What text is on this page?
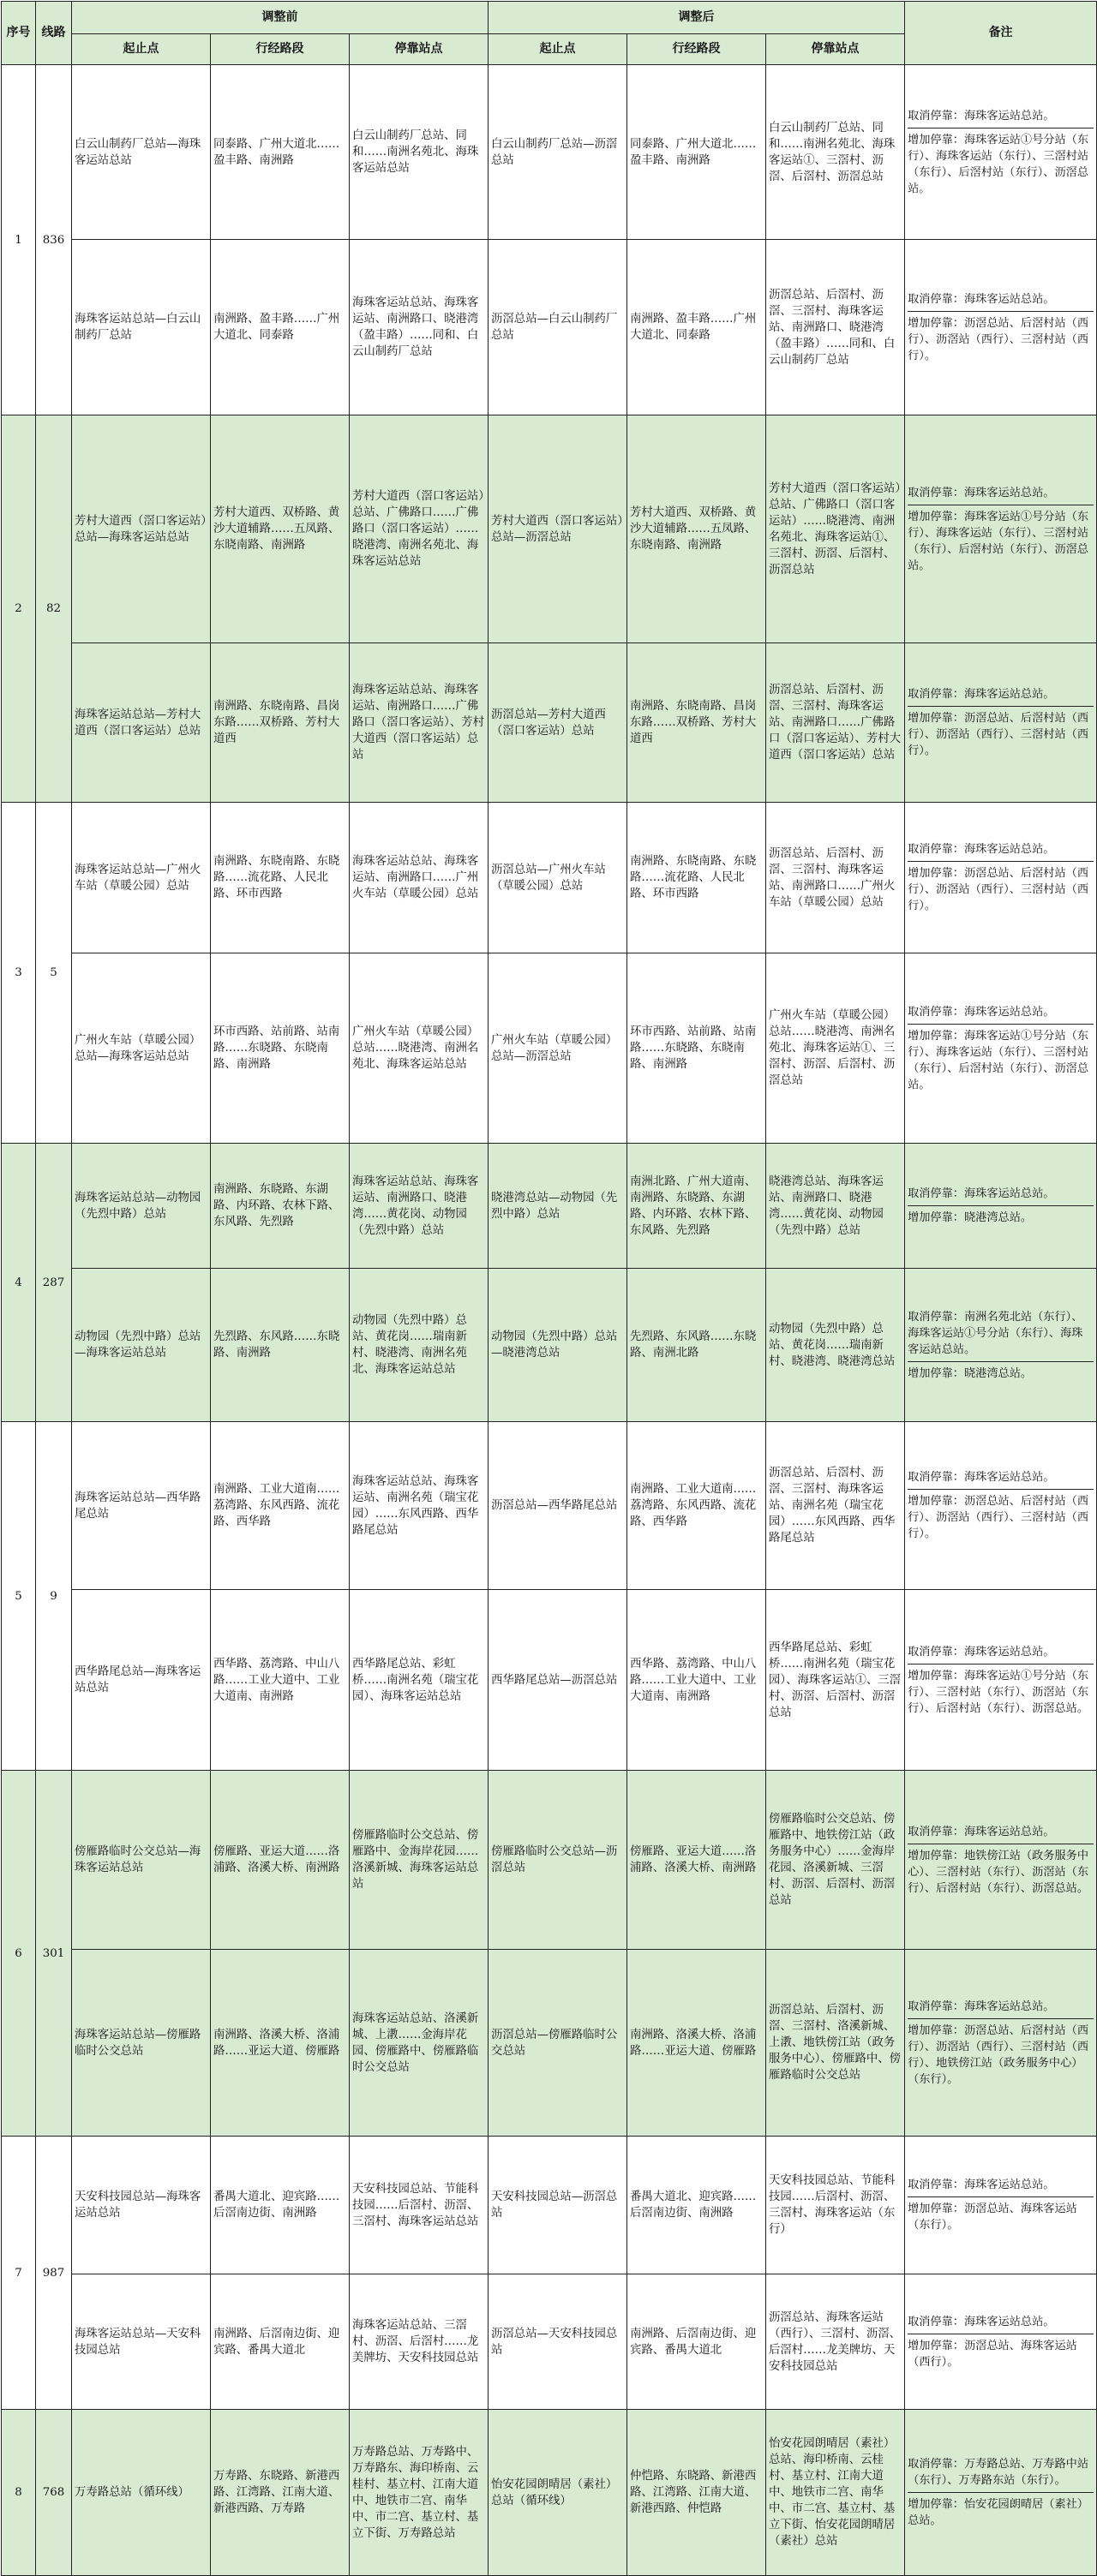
序号	线路	调整前			调整后			备注
		起止点	行经路段	停靠站点	起止点	行经路段	停靠站点	
1	836	白云山制药厂总站—海珠客运站总站	同泰路、广州大道北……盈丰路、南洲路	白云山制药厂总站、同和……南洲名苑北、海珠客运站总站	白云山制药厂总站—沥滘总站	同泰路、广州大道北……盈丰路、南洲路	白云山制药厂总站、同和……南洲名苑北、海珠客运站①、三滘村、沥滘、后滘村、沥滘总站	取消停靠：海珠客运站总站。
增加停靠：海珠客运站①号分站（东行）、海珠客运站（东行）、三滘村站（东行）、后滘村站（东行）、沥滘总站。

		海珠客运站总站—白云山制药厂总站	南洲路、盈丰路……广州大道北、同泰路	海珠客运站总站、海珠客运站、南洲路口、晓港湾（盈丰路）……同和、白云山制药厂总站	沥滘总站—白云山制药厂总站	南洲路、盈丰路……广州大道北、同泰路	沥滘总站、后滘村、沥滘、三滘村、海珠客运站、南洲路口、晓港湾（盈丰路）……同和、白云山制药厂总站	取消停靠：海珠客运站总站。
增加停靠：沥滘总站、后滘村站（西行）、沥滘站（西行）、三滘村站（西行）。

2	82	芳村大道西（滘口客运站）总站—海珠客运站总站	芳村大道西、双桥路、黄沙大道辅路……五凤路、东晓南路、南洲路	芳村大道西（滘口客运站）总站、广佛路口……广佛路口（滘口客运站）……晓港湾、南洲名苑北、海珠客运站总站	芳村大道西（滘口客运站）总站—沥滘总站	芳村大道西、双桥路、黄沙大道辅路……五凤路、东晓南路、南洲路	芳村大道西（滘口客运站）总站、广佛路口（滘口客运站）……晓港湾、南洲名苑北、海珠客运站①、三滘村、沥滘、后滘村、沥滘总站	取消停靠：海珠客运站总站。
增加停靠：海珠客运站①号分站（东行）、海珠客运站（东行）、三滘村站（东行）、后滘村站（东行）、沥滘总站。

		海珠客运站总站—芳村大道西（滘口客运站）总站	南洲路、东晓南路、昌岗东路……双桥路、芳村大道西	海珠客运站总站、海珠客运站、南洲路口……广佛路口（滘口客运站）、芳村大道西（滘口客运站）总站	沥滘总站—芳村大道西（滘口客运站）总站	南洲路、东晓南路、昌岗东路……双桥路、芳村大道西	沥滘总站、后滘村、沥滘、三滘村、海珠客运站、南洲路口……广佛路口（滘口客运站）、芳村大道西（滘口客运站）总站	取消停靠：海珠客运站总站。
增加停靠：沥滘总站、后滘村站（西行）、沥滘站（西行）、三滘村站（西行）。

3	5	海珠客运站总站—广州火车站（草暖公园）总站	南洲路、东晓南路、东晓路……流花路、人民北路、环市西路	海珠客运站总站、海珠客运站、南洲路口……广州火车站（草暖公园）总站	沥滘总站—广州火车站（草暖公园）总站	南洲路、东晓南路、东晓路……流花路、人民北路、环市西路	沥滘总站、后滘村、沥滘、三滘村、海珠客运站、南洲路口……广州火车站（草暖公园）总站	取消停靠：海珠客运站总站。
增加停靠：沥滘总站、后滘村站（西行）、沥滘站（西行）、三滘村站（西行）。

		广州火车站（草暖公园）总站—海珠客运站总站	环市西路、站前路、站南路……东晓路、东晓南路、南洲路	广州火车站（草暖公园）总站……晓港湾、南洲名苑北、海珠客运站总站	广州火车站（草暖公园）总站—沥滘总站	环市西路、站前路、站南路……东晓路、东晓南路、南洲路	广州火车站（草暖公园）总站……晓港湾、南洲名苑北、海珠客运站①、三滘村、沥滘、后滘村、沥滘总站	取消停靠：海珠客运站总站。
增加停靠：海珠客运站①号分站（东行）、海珠客运站（东行）、三滘村站（东行）、后滘村站（东行）、沥滘总站。

4	287	海珠客运站总站—动物园（先烈中路）总站	南洲路、东晓路、东湖路、内环路、农林下路、东风路、先烈路	海珠客运站总站、海珠客运站、南洲路口、晓港湾……黄花岗、动物园（先烈中路）总站	晓港湾总站—动物园（先烈中路）总站	南洲北路、广州大道南、南洲路、东晓路、东湖路、内环路、农林下路、东风路、先烈路	晓港湾总站、海珠客运站、南洲路口、晓港湾……黄花岗、动物园（先烈中路）总站	取消停靠：海珠客运站总站。
增加停靠：晓港湾总站。

		动物园（先烈中路）总站—海珠客运站总站	先烈路、东风路……东晓路、南洲路	动物园（先烈中路）总站、黄花岗……瑞南新村、晓港湾、南洲名苑北、海珠客运站总站	动物园（先烈中路）总站—晓港湾总站	先烈路、东风路……东晓路、南洲北路	动物园（先烈中路）总站、黄花岗……瑞南新村、晓港湾、晓港湾总站	取消停靠：南洲名苑北站（东行）、海珠客运站①号分站（东行）、海珠客运站总站。
增加停靠：晓港湾总站。

5	9	海珠客运站总站—西华路尾总站	南洲路、工业大道南……荔湾路、东风西路、流花路、西华路	海珠客运站总站、海珠客运站、南洲名苑（瑞宝花园）……东风西路、西华路尾总站	沥滘总站—西华路尾总站	南洲路、工业大道南……荔湾路、东风西路、流花路、西华路	沥滘总站、后滘村、沥滘、三滘村、海珠客运站、南洲名苑（瑞宝花园）……东风西路、西华路尾总站	取消停靠：海珠客运站总站。
增加停靠：沥滘总站、后滘村站（西行）、沥滘站（西行）、三滘村站（西行）。

		西华路尾总站—海珠客运站总站	西华路、荔湾路、中山八路……工业大道中、工业大道南、南洲路	西华路尾总站、彩虹桥……南洲名苑（瑞宝花园）、海珠客运站总站	西华路尾总站—沥滘总站	西华路、荔湾路、中山八路……工业大道中、工业大道南、南洲路	西华路尾总站、彩虹桥……南洲名苑（瑞宝花园）、海珠客运站①、三滘村、沥滘、后滘村、沥滘总站	取消停靠：海珠客运站总站。
增加停靠：海珠客运站①号分站（东行）、三滘村站（东行）、沥滘站（东行）、后滘村站（东行）、沥滘总站。

6	301	傍雁路临时公交总站—海珠客运站总站	傍雁路、亚运大道……洛浦路、洛溪大桥、南洲路	傍雁路临时公交总站、傍雁路中、金海岸花园……洛溪新城、海珠客运站总站	傍雁路临时公交总站—沥滘总站	傍雁路、亚运大道……洛浦路、洛溪大桥、南洲路	傍雁路临时公交总站、傍雁路中、地铁傍江站（政务服务中心）……金海岸花园、洛溪新城、三滘村、沥滘、后滘村、沥滘总站	取消停靠：海珠客运站总站。
增加停靠：地铁傍江站（政务服务中心）、三滘村站（东行）、沥滘站（东行）、后滘村站（东行）、沥滘总站。

		海珠客运站总站—傍雁路临时公交总站	南洲路、洛溪大桥、洛浦路……亚运大道、傍雁路	海珠客运站总站、洛溪新城、上漖……金海岸花园、傍雁路中、傍雁路临时公交总站	沥滘总站—傍雁路临时公交总站	南洲路、洛溪大桥、洛浦路……亚运大道、傍雁路	沥滘总站、后滘村、沥滘、三滘村、洛溪新城、上漖、地铁傍江站（政务服务中心）、傍雁路中、傍雁路临时公交总站	取消停靠：海珠客运站总站。
增加停靠：沥滘总站、后滘村站（西行）、沥滘站（西行）、三滘村站（西行）、地铁傍江站（政务服务中心）（东行）。

7	987	天安科技园总站—海珠客运站总站	番禺大道北、迎宾路……后滘南边街、南洲路	天安科技园总站、节能科技园……后滘村、沥滘、三滘村、海珠客运站总站	天安科技园总站—沥滘总站	番禺大道北、迎宾路……后滘南边街、南洲路	天安科技园总站、节能科技园……后滘村、沥滘、三滘村、海珠客运站（东行）	取消停靠：海珠客运站总站。
增加停靠：沥滘总站、海珠客运站（东行）。

		海珠客运站总站—天安科技园总站	南洲路、后滘南边街、迎宾路、番禺大道北	海珠客运站总站、三滘村、沥滘、后滘村……龙美牌坊、天安科技园总站	沥滘总站—天安科技园总站	南洲路、后滘南边街、迎宾路、番禺大道北	沥滘总站、海珠客运站（西行）、三滘村、沥滘、后滘村……龙美牌坊、天安科技园总站	取消停靠：海珠客运站总站。
增加停靠：沥滘总站、海珠客运站（西行）。

8	768	万寿路总站（循环线）	万寿路、东晓路、新港西路、江湾路、江南大道、新港西路、万寿路	万寿路总站、万寿路中、万寿路东、海印桥南、云桂村、基立村、江南大道中、地铁市二宫、南华中、市二宫、基立村、基立下街、万寿路总站	怡安花园朗晴居（素社）总站（循环线）	仲恺路、东晓路、新港西路、江湾路、江南大道、新港西路、仲恺路	怡安花园朗晴居（素社）总站、海印桥南、云桂村、基立村、江南大道中、地铁市二宫、南华中、市二宫、基立村、基立下街、怡安花园朗晴居（素社）总站	取消停靠：万寿路总站、万寿路中站（东行）、万寿路东站（东行）。
增加停靠：怡安花园朗晴居（素社）总站。
